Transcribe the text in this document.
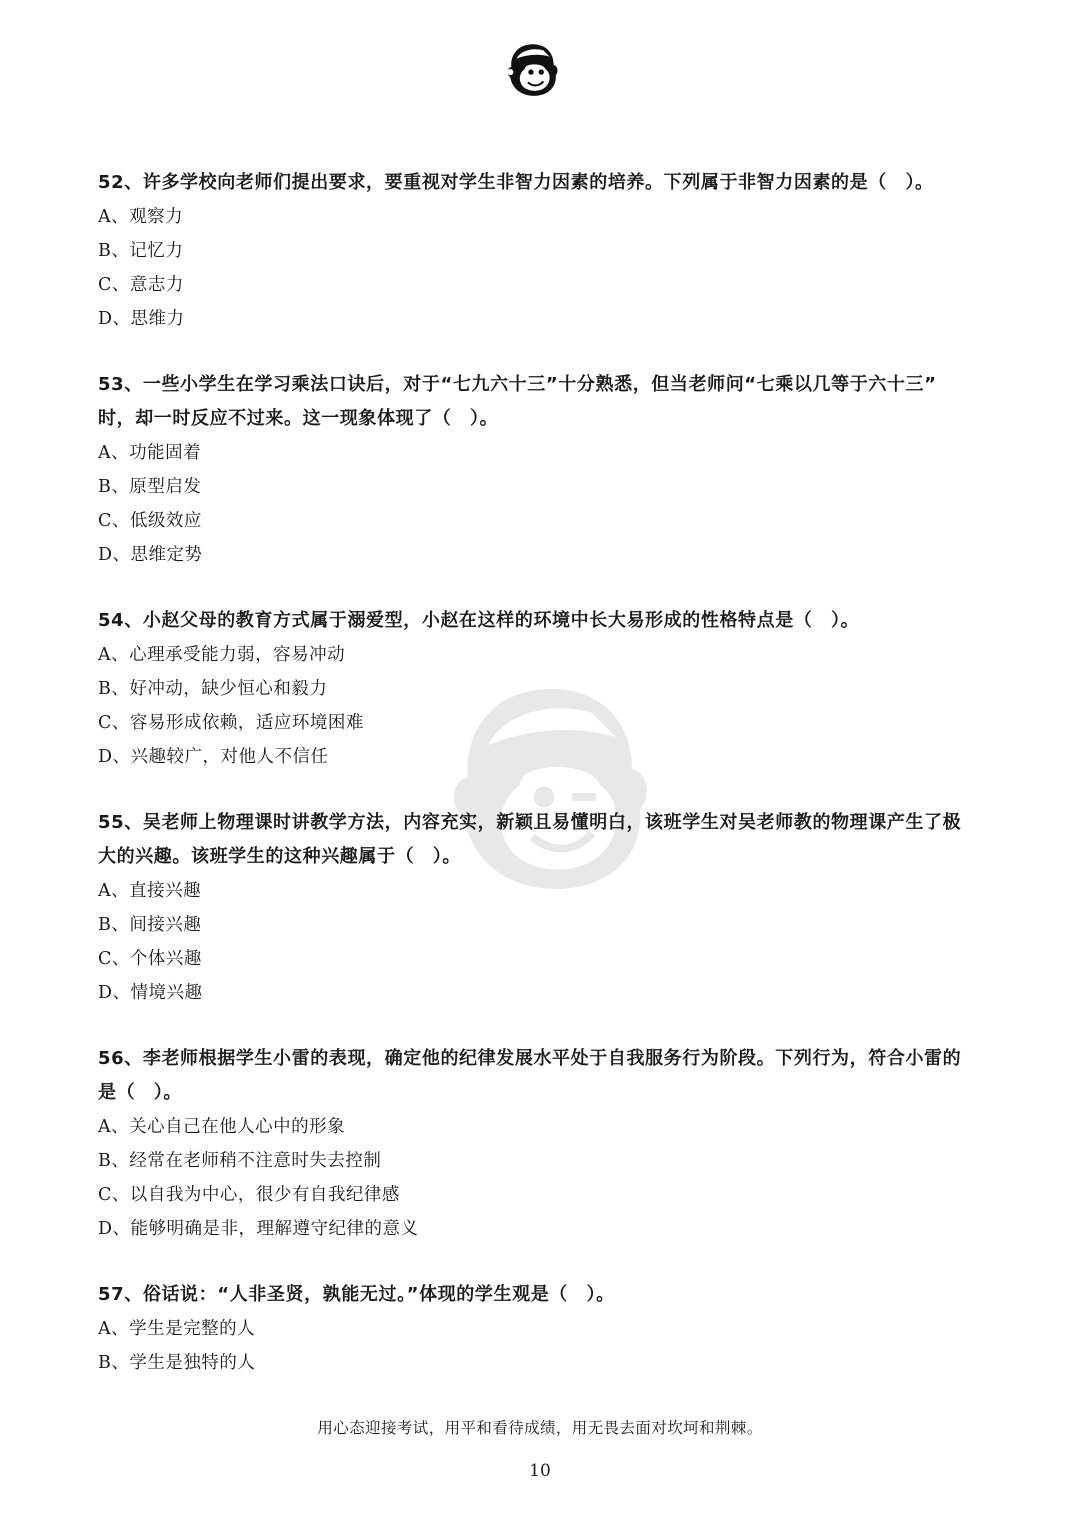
52、许多学校向老师们提出要求，要重视对学生非智力因素的培养。下列属于非智力因素的是（　）。

A、观察力

B、记忆力

C、意志力

D、思维力

53、一些小学生在学习乘法口诀后，对于“七九六十三”十分熟悉，但当老师问“七乘以几等于六十三”

时，却一时反应不过来。这一现象体现了（　）。

A、功能固着

B、原型启发

C、低级效应

D、思维定势

54、小赵父母的教育方式属于溺爱型，小赵在这样的环境中长大易形成的性格特点是（　）。

A、心理承受能力弱，容易冲动

B、好冲动，缺少恒心和毅力

C、容易形成依赖，适应环境困难

D、兴趣较广，对他人不信任

55、吴老师上物理课时讲教学方法，内容充实，新颖且易懂明白，该班学生对吴老师教的物理课产生了极

大的兴趣。该班学生的这种兴趣属于（　）。

A、直接兴趣

B、间接兴趣

C、个体兴趣

D、情境兴趣

56、李老师根据学生小雷的表现，确定他的纪律发展水平处于自我服务行为阶段。下列行为，符合小雷的

是（　）。

A、关心自己在他人心中的形象

B、经常在老师稍不注意时失去控制

C、以自我为中心，很少有自我纪律感

D、能够明确是非，理解遵守纪律的意义

57、俗话说：“人非圣贤，孰能无过。”体现的学生观是（　）。

A、学生是完整的人

B、学生是独特的人

用心态迎接考试，用平和看待成绩，用无畏去面对坎坷和荆棘。
10
